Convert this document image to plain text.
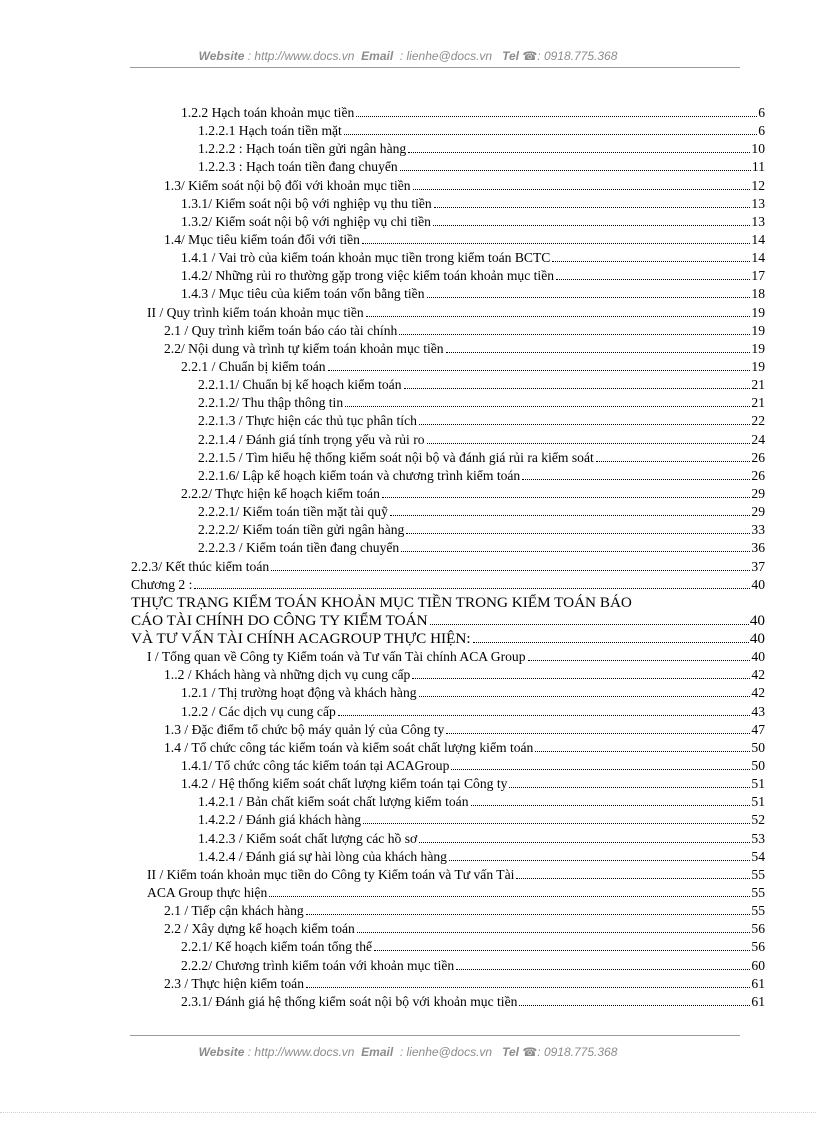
Website : http://www.docs.vn Email : lienhe@docs.vn Tel ☎: 0918.775.368
1.2.2 Hạch toán khoản mục tiền	6
1.2.2.1 Hạch toán tiền mặt	6
1.2.2.2 : Hạch toán tiền gửi ngân hàng	10
1.2.2.3 : Hạch toán tiền đang chuyển	11
1.3/ Kiểm soát nội bộ đối với khoản mục tiền	12
1.3.1/ Kiểm soát nội bộ với nghiệp vụ thu tiền	13
1.3.2/ Kiểm soát nội bộ với nghiệp vụ chi tiền	13
1.4/ Mục tiêu kiểm toán đối với tiền	14
1.4.1 / Vai trò của kiểm toán khoản mục tiền trong kiểm toán BCTC	14
1.4.2/ Những rủi ro thường gặp trong việc kiểm toán khoản mục tiền	17
1.4.3 / Mục tiêu của kiểm toán vốn bằng tiền	18
II / Quy trình kiểm toán khoản mục tiền	19
2.1 / Quy trình kiểm toán báo cáo tài chính	19
2.2/ Nội dung và trình tự kiểm toán khoản mục tiền	19
2.2.1 / Chuẩn bị kiểm toán	19
2.2.1.1/ Chuẩn bị kế hoạch kiểm toán	21
2.2.1.2/ Thu thập thông tin	21
2.2.1.3 / Thực hiện các thủ tục phân tích	22
2.2.1.4 / Đánh giá tính trọng yếu và rủi ro	24
2.2.1.5 / Tìm hiểu hệ thống kiểm soát nội bộ và đánh giá rủi ra kiểm soát	26
2.2.1.6/ Lập kế hoạch kiểm toán và chương trình kiểm toán	26
2.2.2/ Thực hiện kế hoạch kiểm toán	29
2.2.2.1/ Kiểm toán tiền mặt tài quỹ	29
2.2.2.2/ Kiểm toán tiền gửi ngân hàng	33
2.2.2.3 / Kiểm toán tiền đang chuyển	36
2.2.3/ Kết thúc kiểm toán	37
Chương 2 :	40
THỰC TRẠNG KIỂM TOÁN KHOẢN MỤC TIỀN TRONG KIỂM TOÁN BÁO
CÁO TÀI CHÍNH DO CÔNG TY KIỂM TOÁN	40
VÀ TƯ VẤN TÀI CHÍNH ACAGROUP THỰC HIỆN:	40
I / Tổng quan về Công ty Kiểm toán và Tư vấn Tài chính ACA Group	40
1..2 / Khách hàng và những dịch vụ cung cấp	42
1.2.1 / Thị trường hoạt động và khách hàng	42
1.2.2 / Các dịch vụ cung cấp	43
1.3 / Đặc điểm tổ chức bộ máy quản lý của Công ty	47
1.4 / Tổ chức công tác kiểm toán và kiểm soát chất lượng kiểm toán	50
1.4.1/ Tổ chức công tác kiểm toán tại ACAGroup	50
1.4.2 / Hệ thống kiểm soát chất lượng kiểm toán tại Công ty	51
1.4.2.1 / Bản chất kiểm soát chất lượng kiểm toán	51
1.4.2.2 / Đánh giá khách hàng	52
1.4.2.3 / Kiểm soát chất lượng các hồ sơ	53
1.4.2.4 / Đánh giá sự hài lòng của khách hàng	54
II / Kiểm toán khoản mục tiền do Công ty Kiểm toán và Tư vấn Tài	55
ACA Group thực hiện	55
2.1 / Tiếp cận khách hàng	55
2.2 / Xây dựng kế hoạch kiểm toán	56
2.2.1/ Kế hoạch kiểm toán tổng thể	56
2.2.2/ Chương trình kiểm toán với khoản mục tiền	60
2.3 / Thực hiện kiểm toán	61
2.3.1/ Đánh giá hệ thống kiểm soát nội bộ với khoản mục tiền	61
Website : http://www.docs.vn Email : lienhe@docs.vn Tel ☎: 0918.775.368
